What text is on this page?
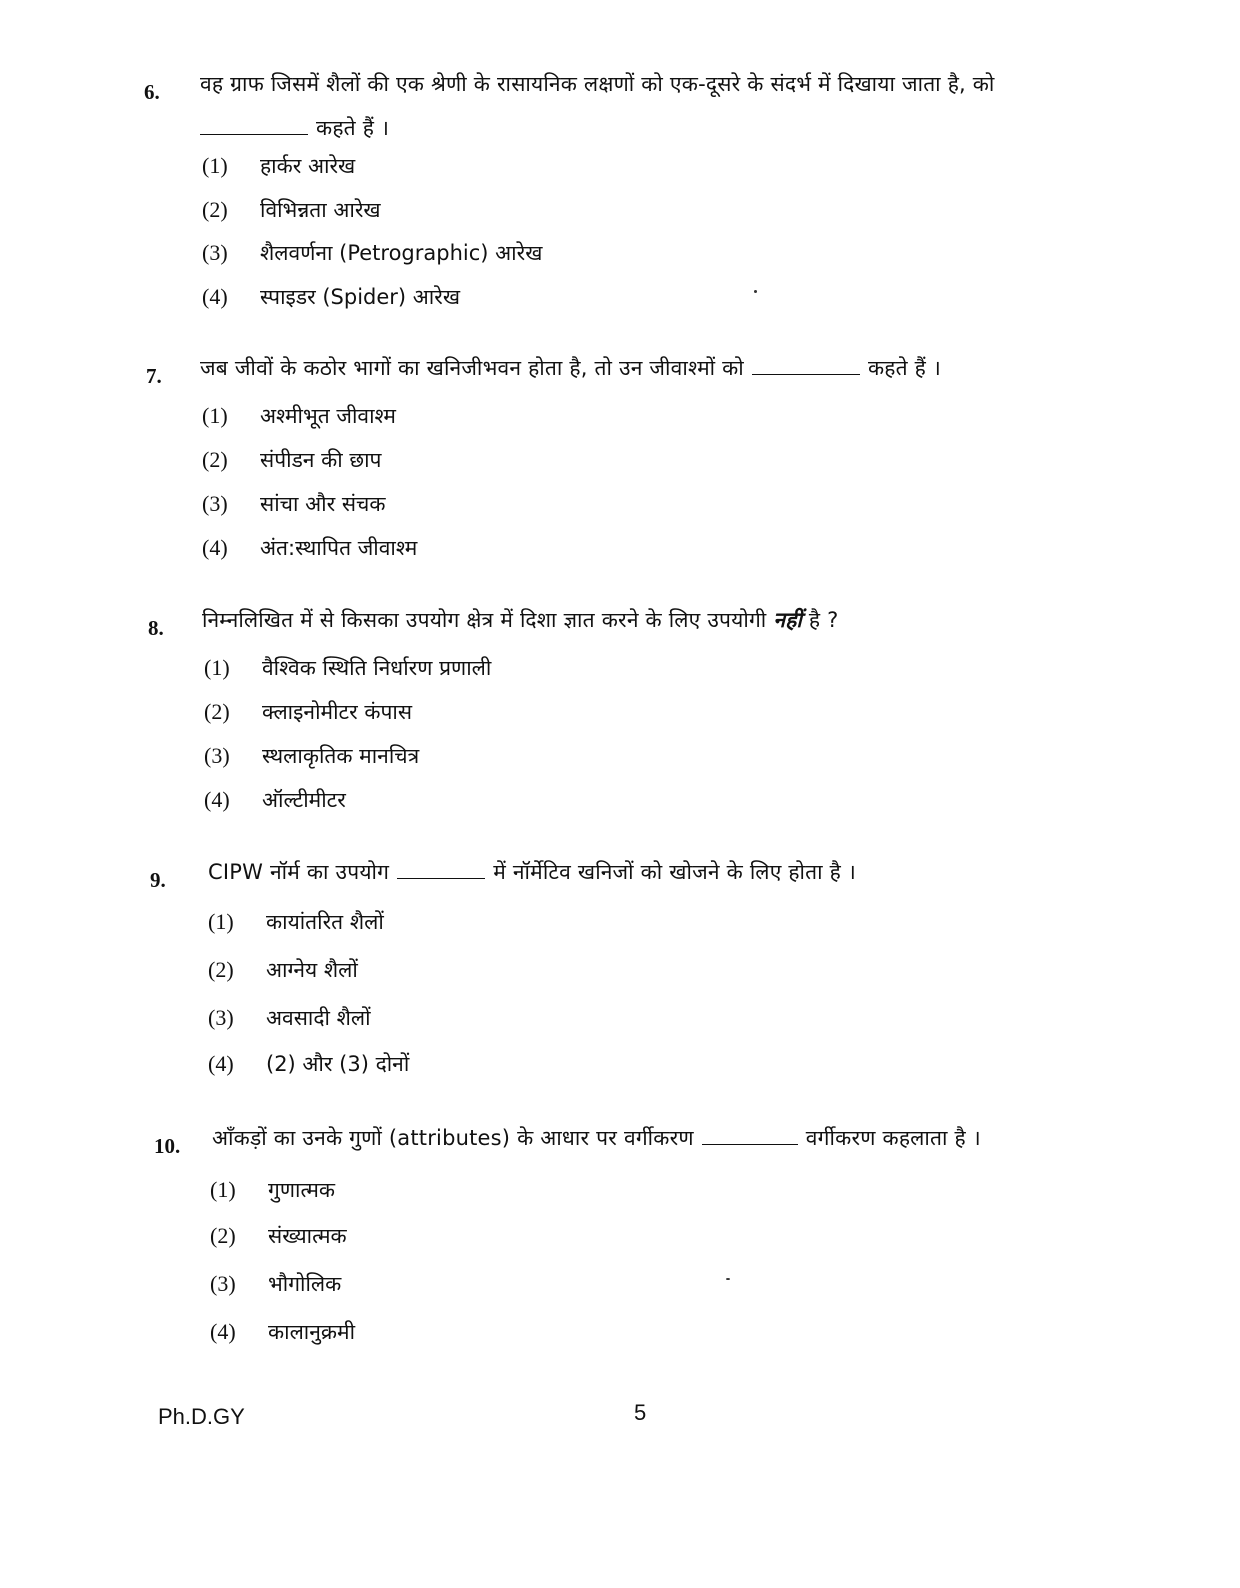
6. वह ग्राफ जिसमें शैलों की एक श्रेणी के रासायनिक लक्षणों को एक-दूसरे के संदर्भ में दिखाया जाता है, को
कहते हैं ।
(1) हार्कर आरेख
(2) विभिन्नता आरेख
(3) शैलवर्णना (Petrographic) आरेख
(4) स्पाइडर (Spider) आरेख
7. जब जीवों के कठोर भागों का खनिजीभवन होता है, तो उन जीवाश्मों को	कहते हैं ।
(1) अश्मीभूत जीवाश्म
(2) संपीडन की छाप
(3) सांचा और संचक
(4) अंत:स्थापित जीवाश्म
8. निम्नलिखित में से किसका उपयोग क्षेत्र में दिशा ज्ञात करने के लिए उपयोगी नहीं है ?
(1) वैश्विक स्थिति निर्धारण प्रणाली
(2) क्लाइनोमीटर कंपास
(3) स्थलाकृतिक मानचित्र
(4) ऑल्टीमीटर
9. CIPW नॉर्म का उपयोग	में नॉर्मेटिव खनिजों को खोजने के लिए होता है ।
(1) कायांतरित शैलों
(2) आग्नेय शैलों
(3) अवसादी शैलों
(4) (2) और (3) दोनों
10. आँकड़ों का उनके गुणों (attributes) के आधार पर वर्गीकरण	वर्गीकरण कहलाता है ।
(1) गुणात्मक
(2) संख्यात्मक
(3) भौगोलिक
(4) कालानुक्रमी
Ph.D.GY	5
